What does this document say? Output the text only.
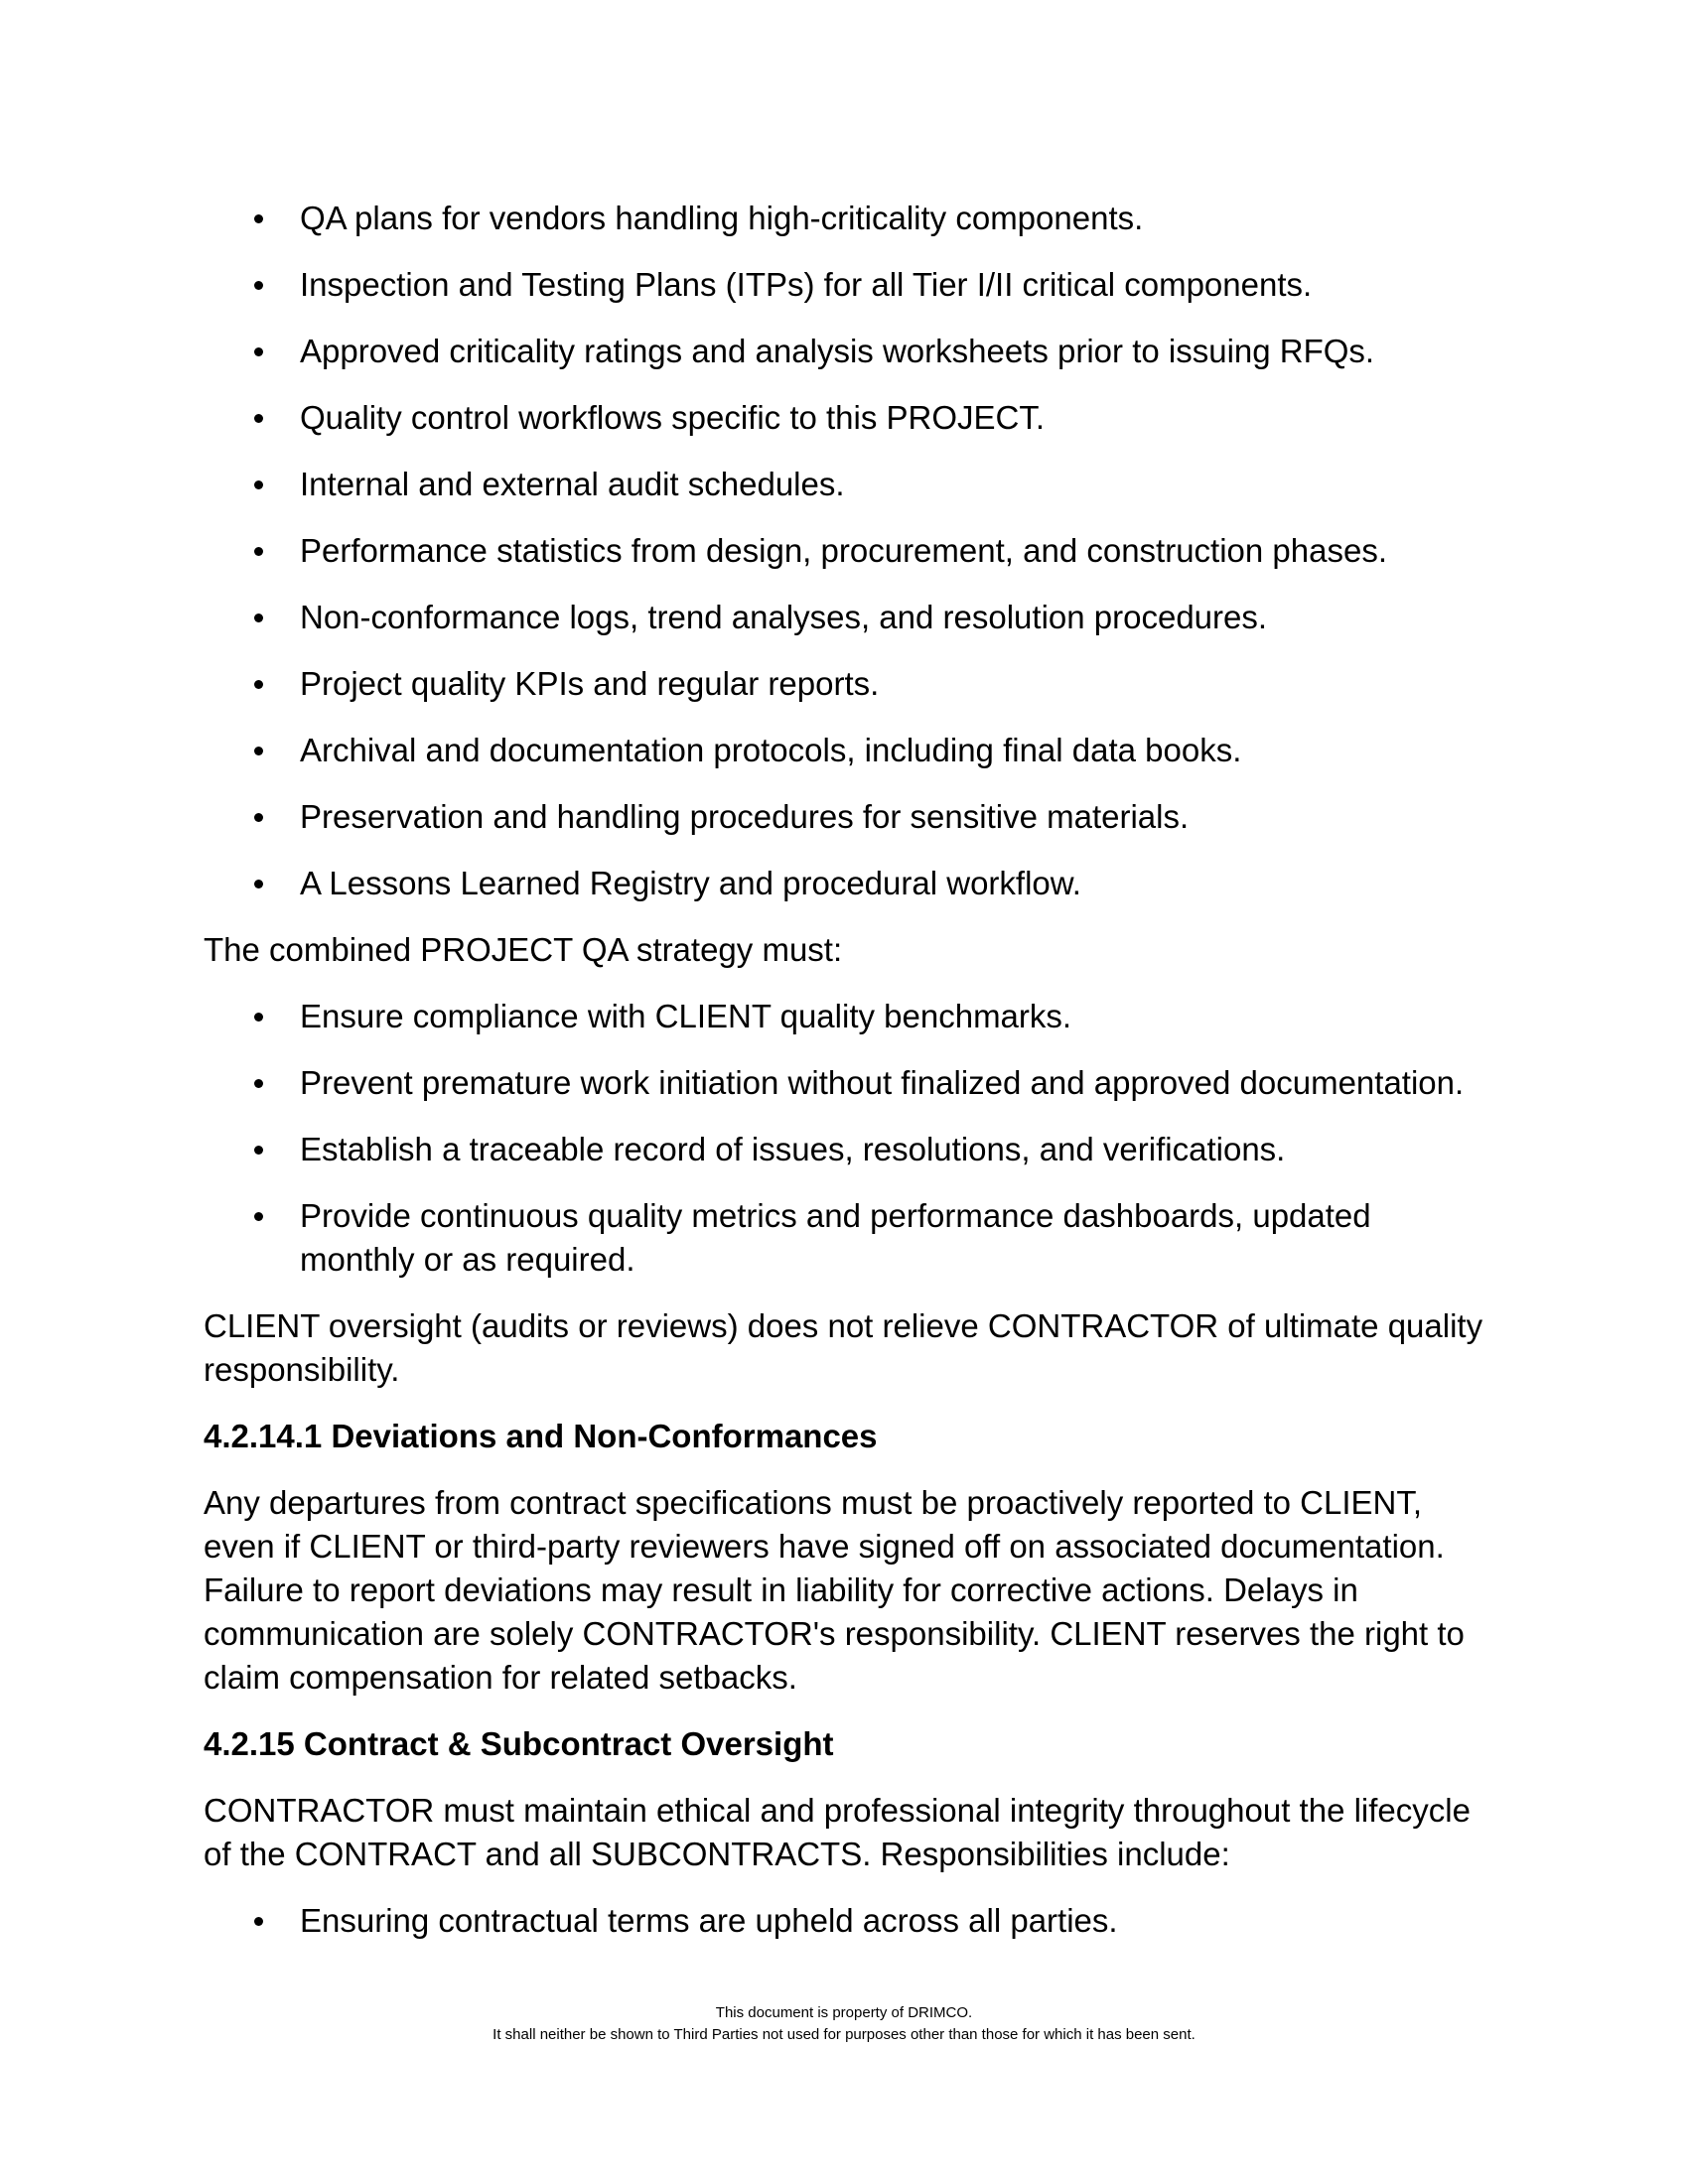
QA plans for vendors handling high-criticality components.
Inspection and Testing Plans (ITPs) for all Tier I/II critical components.
Approved criticality ratings and analysis worksheets prior to issuing RFQs.
Quality control workflows specific to this PROJECT.
Internal and external audit schedules.
Performance statistics from design, procurement, and construction phases.
Non-conformance logs, trend analyses, and resolution procedures.
Project quality KPIs and regular reports.
Archival and documentation protocols, including final data books.
Preservation and handling procedures for sensitive materials.
A Lessons Learned Registry and procedural workflow.

The combined PROJECT QA strategy must:

Ensure compliance with CLIENT quality benchmarks.
Prevent premature work initiation without finalized and approved documentation.
Establish a traceable record of issues, resolutions, and verifications.
Provide continuous quality metrics and performance dashboards, updated monthly or as required.

CLIENT oversight (audits or reviews) does not relieve CONTRACTOR of ultimate quality responsibility.

4.2.14.1 Deviations and Non-Conformances

Any departures from contract specifications must be proactively reported to CLIENT, even if CLIENT or third-party reviewers have signed off on associated documentation. Failure to report deviations may result in liability for corrective actions. Delays in communication are solely CONTRACTOR's responsibility. CLIENT reserves the right to claim compensation for related setbacks.

4.2.15 Contract & Subcontract Oversight

CONTRACTOR must maintain ethical and professional integrity throughout the lifecycle of the CONTRACT and all SUBCONTRACTS. Responsibilities include:

Ensuring contractual terms are upheld across all parties.
This document is property of DRIMCO.
It shall neither be shown to Third Parties not used for purposes other than those for which it has been sent.
